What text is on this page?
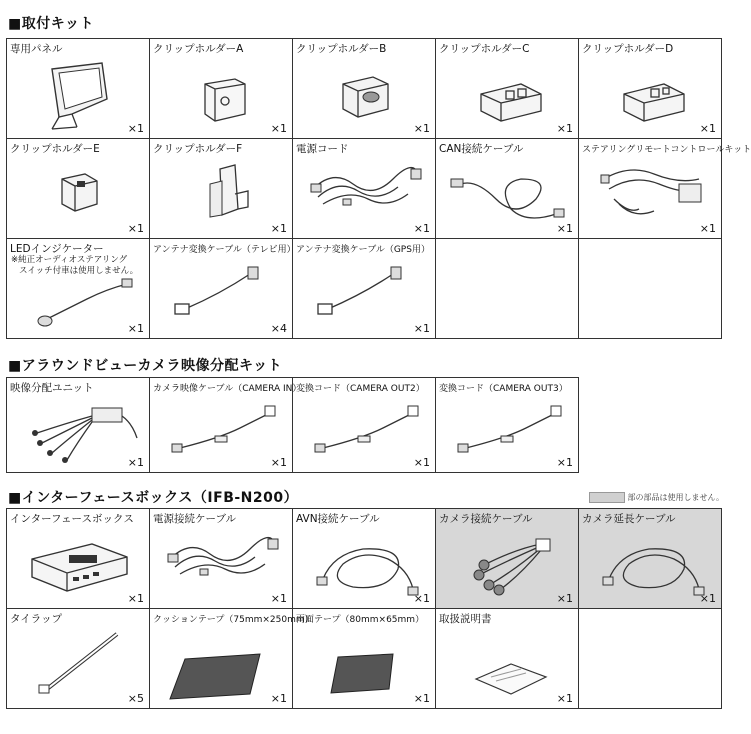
■取付キット
専用パネル
×1
クリップホルダーA
×1
クリップホルダーB
×1
クリップホルダーC
×1
クリップホルダーD
×1
クリップホルダーE
×1
クリップホルダーF
×1
電源コード
×1
CAN接続ケーブル
×1
ステアリングリモートコントロールキット
×1
LEDインジケーター
※純正オーディオステアリング
スイッチ付車は使用しません。
×1
アンテナ変換ケーブル（テレビ用）
×4
アンテナ変換ケーブル（GPS用）
×1
■アラウンドビューカメラ映像分配キット
映像分配ユニット
×1
カメラ映像ケーブル（CAMERA IN）
×1
変換コード（CAMERA OUT2）
×1
変換コード（CAMERA OUT3）
×1
■インターフェースボックス（IFB-N200）	部の部品は使用しません。
インターフェースボックス
×1
電源接続ケーブル
×1
AVN接続ケーブル
×1
カメラ接続ケーブル
×1
カメラ延長ケーブル
×1
タイラップ
×5
クッションテープ（75mm×250mm）
×1
両面テープ（80mm×65mm）
×1
取扱説明書
×1
